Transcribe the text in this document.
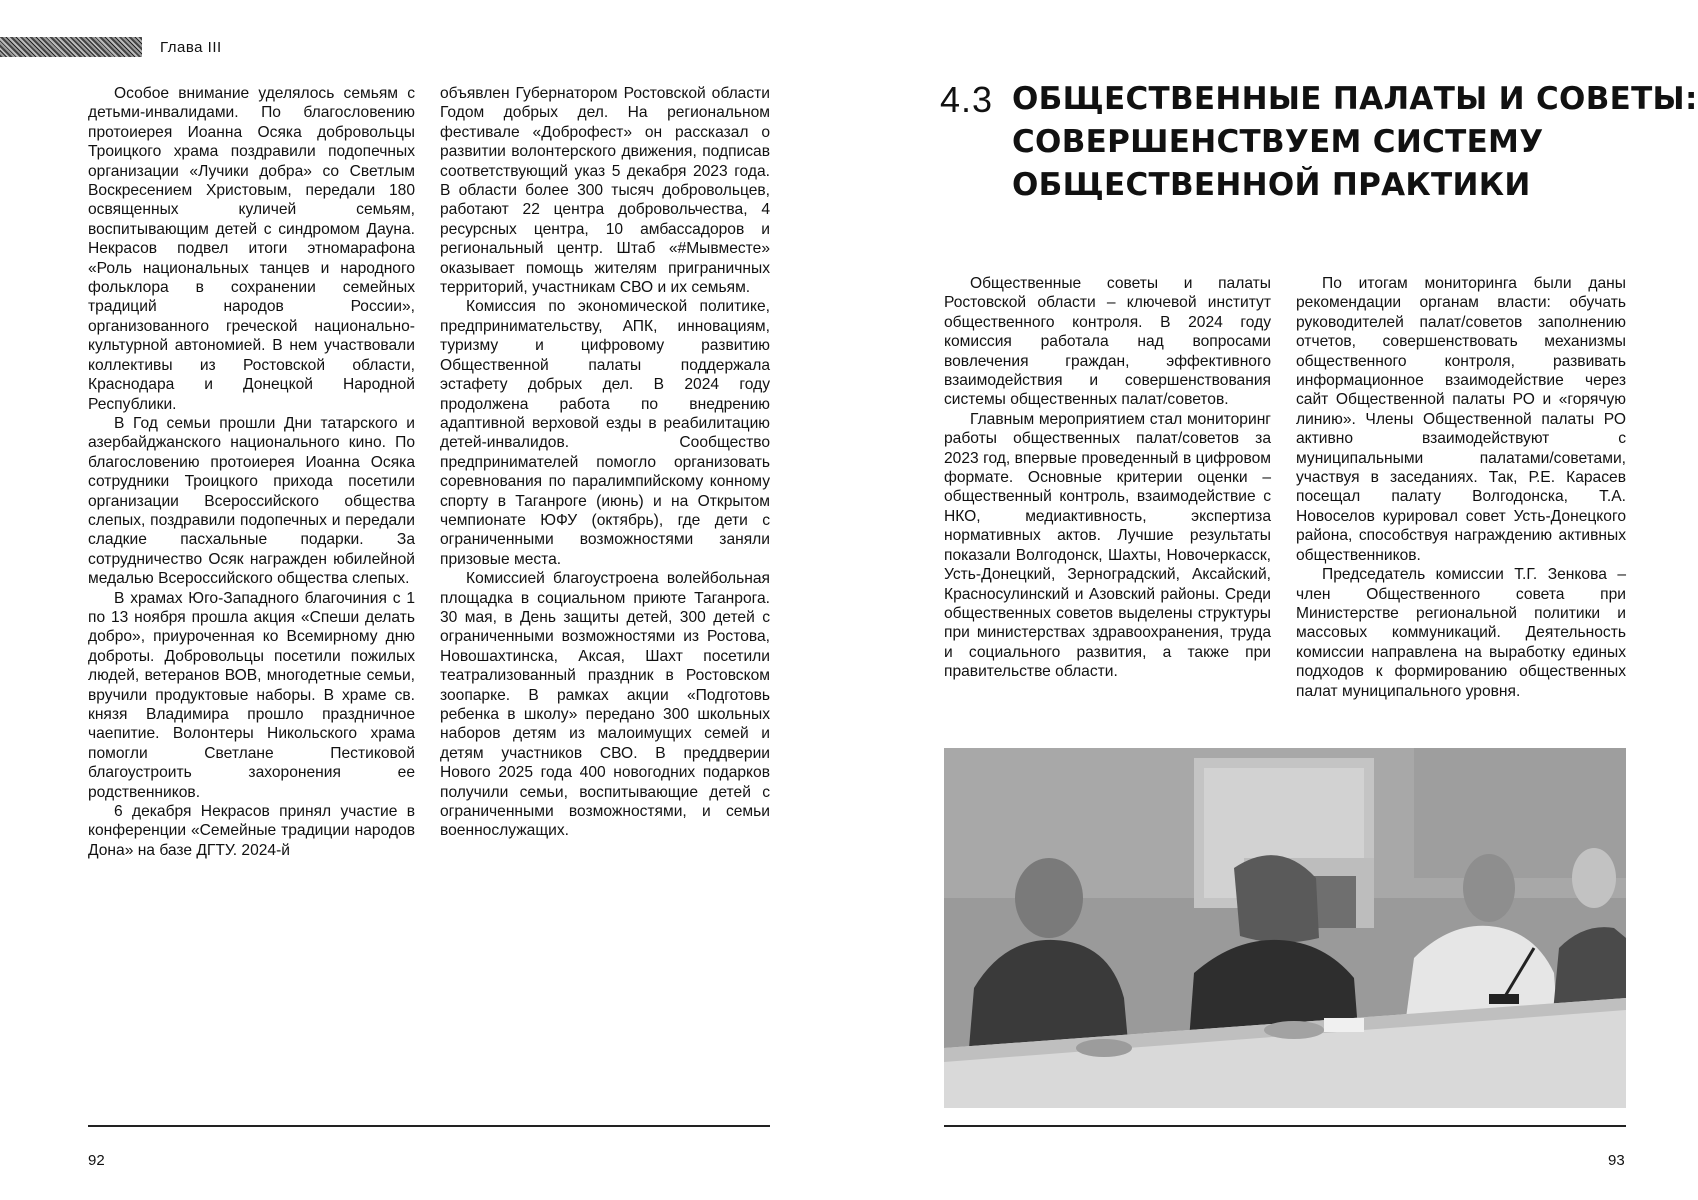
Глава III

Особое внимание уделялось семьям с детьми-инвалидами. По благословению протоиерея Иоанна Осяка добровольцы Троицкого храма поздравили подопечных организации «Лучики добра» со Светлым Воскресением Христовым, передали 180 освященных куличей семьям, воспитывающим детей с синдромом Дауна. Некрасов подвел итоги этномарафона «Роль национальных танцев и народного фольклора в сохранении семейных традиций народов России», организованного греческой национально-культурной автономией. В нем участвовали коллективы из Ростовской области, Краснодара и Донецкой Народной Республики.

В Год семьи прошли Дни татарского и азербайджанского национального кино. По благословению протоиерея Иоанна Осяка сотрудники Троицкого прихода посетили организации Всероссийского общества слепых, поздравили подопечных и передали сладкие пасхальные подарки. За сотрудничество Осяк награжден юбилейной медалью Всероссийского общества слепых.

В храмах Юго-Западного благочиния с 1 по 13 ноября прошла акция «Спеши делать добро», приуроченная ко Всемирному дню доброты. Добровольцы посетили пожилых людей, ветеранов ВОВ, многодетные семьи, вручили продуктовые наборы. В храме св. князя Владимира прошло праздничное чаепитие. Волонтеры Никольского храма помогли Светлане Пестиковой благоустроить захоронения ее родственников.

6 декабря Некрасов принял участие в конференции «Семейные традиции народов Дона» на базе ДГТУ. 2024-й

объявлен Губернатором Ростовской области Годом добрых дел. На региональном фестивале «Доброфест» он рассказал о развитии волонтерского движения, подписав соответствующий указ 5 декабря 2023 года. В области более 300 тысяч добровольцев, работают 22 центра добровольчества, 4 ресурсных центра, 10 амбассадоров и региональный центр. Штаб «#Мывместе» оказывает помощь жителям приграничных территорий, участникам СВО и их семьям.

Комиссия по экономической политике, предпринимательству, АПК, инновациям, туризму и цифровому развитию Общественной палаты поддержала эстафету добрых дел. В 2024 году продолжена работа по внедрению адаптивной верховой езды в реабилитацию детей-инвалидов. Сообщество предпринимателей помогло организовать соревнования по паралимпийскому конному спорту в Таганроге (июнь) и на Открытом чемпионате ЮФУ (октябрь), где дети с ограниченными возможностями заняли призовые места.

Комиссией благоустроена волейбольная площадка в социальном приюте Таганрога. 30 мая, в День защиты детей, 300 детей с ограниченными возможностями из Ростова, Новошахтинска, Аксая, Шахт посетили театрализованный праздник в Ростовском зоопарке. В рамках акции «Подготовь ребенка в школу» передано 300 школьных наборов детям из малоимущих семей и детям участников СВО. В преддверии Нового 2025 года 400 новогодних подарков получили семьи, воспитывающие детей с ограниченными возможностями, и семьи военнослужащих.

92
4.3 ОБЩЕСТВЕННЫЕ ПАЛАТЫ И СОВЕТЫ:
СОВЕРШЕНСТВУЕМ СИСТЕМУ
ОБЩЕСТВЕННОЙ ПРАКТИКИ

Общественные советы и палаты Ростовской области – ключевой институт общественного контроля. В 2024 году комиссия работала над вопросами вовлечения граждан, эффективного взаимодействия и совершенствования системы общественных палат/советов.

Главным мероприятием стал мониторинг работы общественных палат/советов за 2023 год, впервые проведенный в цифровом формате. Основные критерии оценки – общественный контроль, взаимодействие с НКО, медиактивность, экспертиза нормативных актов. Лучшие результаты показали Волгодонск, Шахты, Новочеркасск, Усть-Донецкий, Зерноградский, Аксайский, Красносулинский и Азовский районы. Среди общественных советов выделены структуры при министерствах здравоохранения, труда и социального развития, а также при правительстве области.

По итогам мониторинга были даны рекомендации органам власти: обучать руководителей палат/советов заполнению отчетов, совершенствовать механизмы общественного контроля, развивать информационное взаимодействие через сайт Общественной палаты РО и «горячую линию». Члены Общественной палаты РО активно взаимодействуют с муниципальными палатами/советами, участвуя в заседаниях. Так, Р.Е. Карасев посещал палату Волгодонска, Т.А. Новоселов курировал совет Усть-Донецкого района, способствуя награждению активных общественников.

Председатель комиссии Т.Г. Зенкова – член Общественного совета при Министерстве региональной политики и массовых коммуникаций. Деятельность комиссии направлена на выработку единых подходов к формированию общественных палат муниципального уровня.

93
